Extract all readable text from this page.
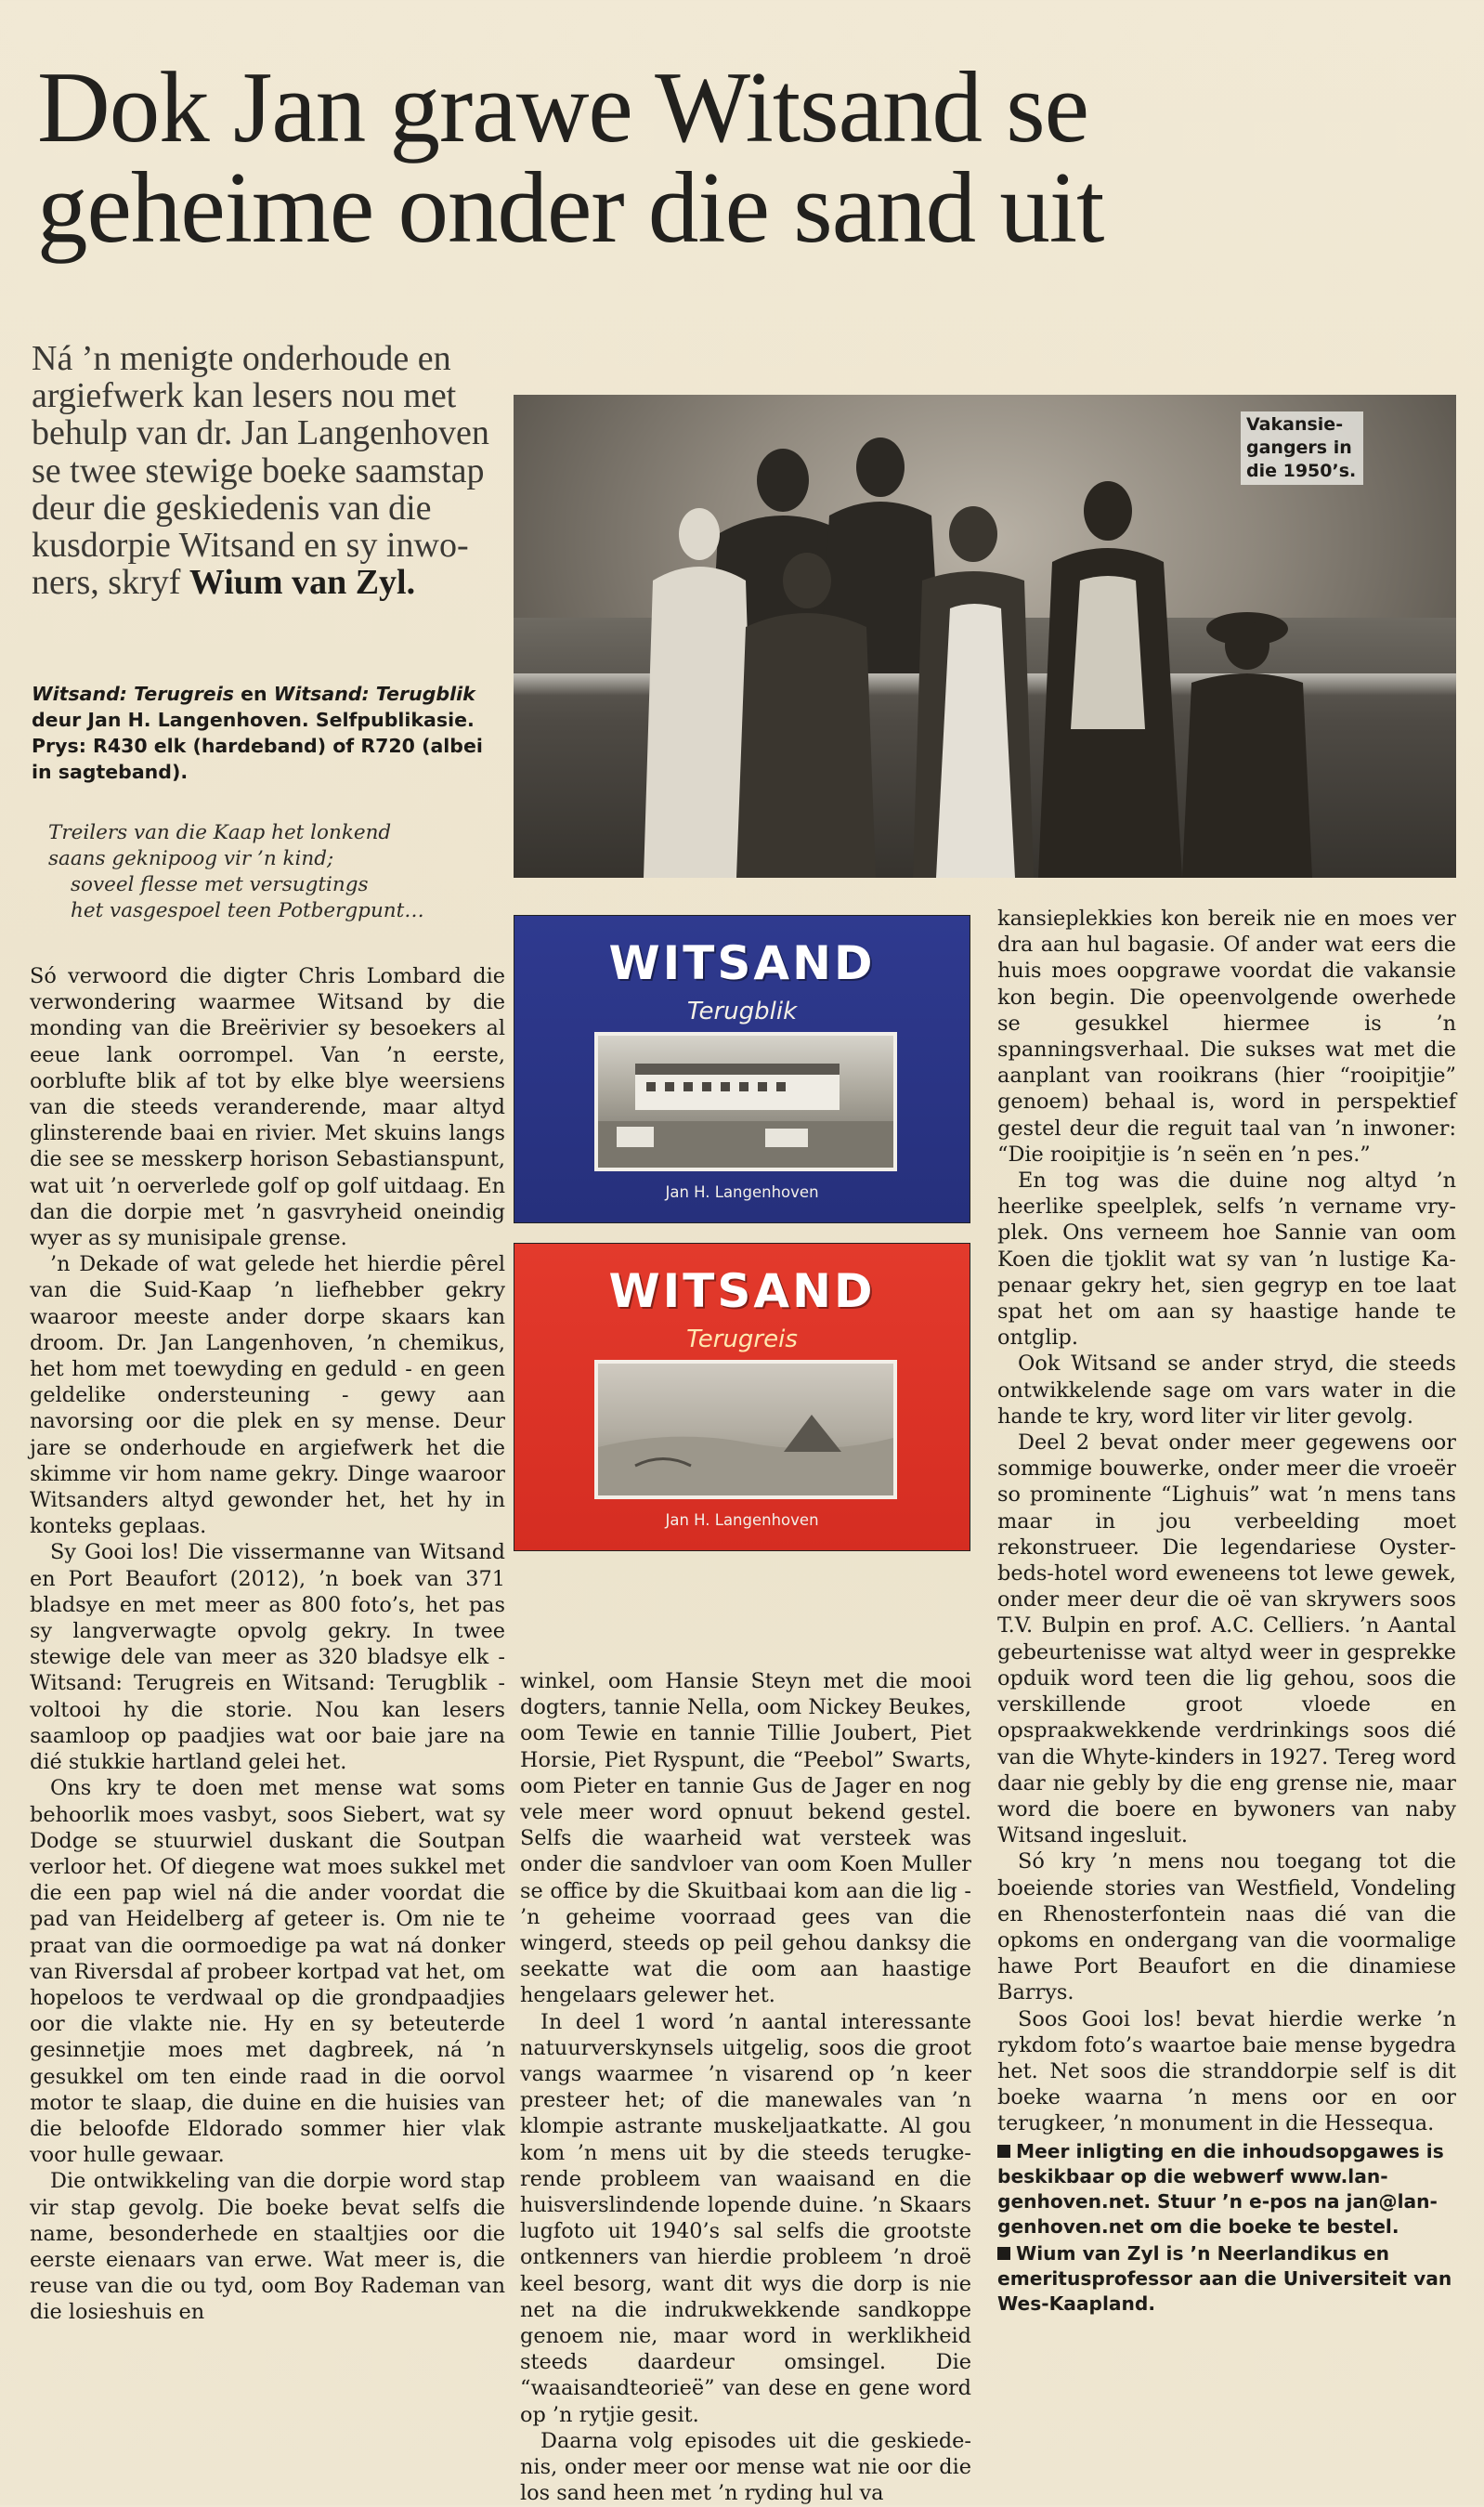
Dok Jan grawe Witsand se geheime onder die sand uit
Ná ’n menigte onderhoude en argiefwerk kan lesers nou met behulp van dr. Jan Langenhoven se twee stewige boeke saamstap deur die geskiedenis van die kusdorpie Witsand en sy inwoners, skryf Wium van Zyl.
Witsand: Terugreis en Witsand: Terugblik deur Jan H. Langenhoven. Selfpublikasie. Prys: R430 elk (hardeband) of R720 (albei in sagteband).
Treilers van die Kaap het lonkend
saans geknipoog vir ’n kind;
soveel flesse met versugtings
het vasgespoel teen Potbergpunt…
Vakansiegangers in die 1950’s.
WITSAND
Terugblik
Jan H. Langenhoven
WITSAND
Terugreis
Jan H. Langenhoven

Só verwoord die digter Chris Lombard die verwondering waarmee Witsand by die monding van die Breërivier sy besoekers al eeue lank oorrompel. Van ’n eerste, oorblufte blik af tot by elke blye weersiens van die steeds veranderende, maar altyd glinsterende baai en rivier. Met skuins langs die see se messkerp horison Sebastianspunt, wat uit ’n oerverlede golf op golf uitdaag. En dan die dorpie met ’n gasvryheid oneindig wyer as sy munisipale grense.

’n Dekade of wat gelede het hierdie pêrel van die Suid-Kaap ’n liefhebber gekry waaroor meeste ander dorpe skaars kan droom. Dr. Jan Langenhoven, ’n chemikus, het hom met toewyding en geduld - en geen geldelike ondersteuning - gewy aan navorsing oor die plek en sy mense. Deur jare se onderhoude en argiefwerk het die skimme vir hom name gekry. Dinge waaroor Witsanders altyd gewonder het, het hy in konteks geplaas.

Sy Gooi los! Die vissermanne van Witsand en Port Beaufort (2012), ’n boek van 371 bladsye en met meer as 800 foto’s, het pas sy langverwagte opvolg gekry. In twee stewige dele van meer as 320 bladsye elk - Witsand: Terugreis en Witsand: Terugblik - voltooi hy die storie. Nou kan lesers saamloop op paadjies wat oor baie jare na dié stukkie hartland gelei het.

Ons kry te doen met mense wat soms behoorlik moes vasbyt, soos Siebert, wat sy Dodge se stuurwiel duskant die Soutpan verloor het. Of diegene wat moes sukkel met die een pap wiel ná die ander voordat die pad van Heidelberg af geteer is. Om nie te praat van die oormoedige pa wat ná donker van Riversdal af probeer kortpad vat het, om hopeloos te verdwaal op die grondpaadjies oor die vlakte nie. Hy en sy beteuterde gesinnetjie moes met dagbreek, ná ’n gesukkel om ten einde raad in die oorvol motor te slaap, die duine en die huisies van die beloofde Eldorado sommer hier vlak voor hulle gewaar.

Die ontwikkeling van die dorpie word stap vir stap gevolg. Die boeke bevat selfs die name, besonderhede en staaltjies oor die eerste eienaars van erwe. Wat meer is, die reuse van die ou tyd, oom Boy Rademan van die losieshuis en

winkel, oom Hansie Steyn met die mooi dogters, tannie Nella, oom Nickey Beukes, oom Tewie en tannie Tillie Joubert, Piet Horsie, Piet Ryspunt, die “Peebol” Swarts, oom Pieter en tannie Gus de Jager en nog vele meer word opnuut bekend gestel. Selfs die waarheid wat versteek was onder die sandvloer van oom Koen Muller se office by die Skuitbaai kom aan die lig - ’n geheime voorraad gees van die wingerd, steeds op peil gehou danksy die seekatte wat die oom aan haastige hengelaars gelewer het.

In deel 1 word ’n aantal interessante natuurverskynsels uitgelig, soos die groot vangs waarmee ’n visarend op ’n keer presteer het; of die manewales van ’n klompie astrante muskeljaatkatte. Al gou kom ’n mens uit by die steeds terugkerende probleem van waaisand en die huisverslindende lopende duine. ’n Skaars lugfoto uit 1940’s sal selfs die grootste ontkenners van hierdie probleem ’n droë keel besorg, want dit wys die dorp is nie net na die indrukwekkende sandkoppe genoem nie, maar word in werklikheid steeds daardeur omsingel. Die “waaisandteorieë” van dese en gene word op ’n rytjie gesit.

Daarna volg episodes uit die geskiedenis, onder meer oor mense wat nie oor die los sand heen met ’n ryding hul va

kansieplekkies kon bereik nie en moes ver dra aan hul bagasie. Of ander wat eers die huis moes oopgrawe voordat die vakansie kon begin. Die opeenvolgende owerhede se gesukkel hiermee is ’n spanningsverhaal. Die sukses wat met die aanplant van rooikrans (hier “rooipitjie” genoem) behaal is, word in perspektief gestel deur die reguit taal van ’n inwoner: “Die rooipitjie is ’n seën en ’n pes.”

En tog was die duine nog altyd ’n heerlike speelplek, selfs ’n vername vryplek. Ons verneem hoe Sannie van oom Koen die tjoklit wat sy van ’n lustige Kapenaar gekry het, sien gegryp en toe laat spat het om aan sy haastige hande te ontglip.

Ook Witsand se ander stryd, die steeds ontwikkelende sage om vars water in die hande te kry, word liter vir liter gevolg.

Deel 2 bevat onder meer gegewens oor sommige bouwerke, onder meer die vroeër so prominente “Lighuis” wat ’n mens tans maar in jou verbeelding moet rekonstrueer. Die legendariese Oysterbeds-hotel word eweneens tot lewe gewek, onder meer deur die oë van skrywers soos T.V. Bulpin en prof. A.C. Celliers. ’n Aantal gebeurtenisse wat altyd weer in gesprekke opduik word teen die lig gehou, soos die verskillende groot vloede en opspraakwekkende verdrinkings soos dié van die Whyte-kinders in 1927. Tereg word daar nie gebly by die eng grense nie, maar word die boere en bywoners van naby Witsand ingesluit.

Só kry ’n mens nou toegang tot die boeiende stories van Westfield, Vondeling en Rhenosterfontein naas dié van die opkoms en ondergang van die voormalige hawe Port Beaufort en die dinamiese Barrys.

Soos Gooi los! bevat hierdie werke ’n rykdom foto’s waartoe baie mense bygedra het. Net soos die stranddorpie self is dit boeke waarna ’n mens oor en oor terugkeer, ’n monument in die Hessequa.

Meer inligting en die inhoudsopgawes is beskikbaar op die webwerf www.langenhoven.net. Stuur ’n e-pos na jan@langenhoven.net om die boeke te bestel.
Wium van Zyl is ’n Neerlandikus en emeritusprofessor aan die Universiteit van Wes-Kaapland.
